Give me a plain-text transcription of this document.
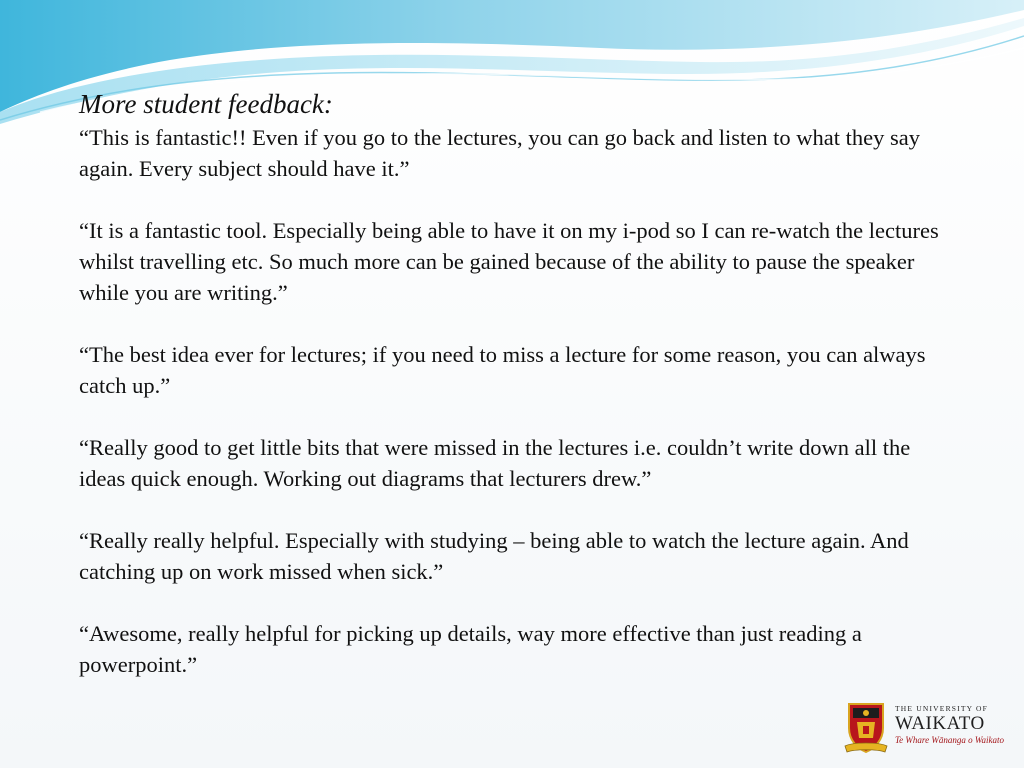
More student feedback:

“This is fantastic!! Even if you go to the lectures, you can go back and listen to what they say again. Every subject should have it.”

“It is a fantastic tool. Especially being able to have it on my i-pod so I can re-watch the lectures whilst travelling etc. So much more can be gained because of the ability to pause the speaker while you are writing.”

“The best idea ever for lectures; if you need to miss a lecture for some reason, you can always catch up.”

“Really good to get little bits that were missed in the lectures i.e. couldn’t write down all the ideas quick enough. Working out diagrams that lecturers drew.”

“Really really helpful. Especially with studying – being able to watch the lecture again. And catching up on work missed when sick.”

“Awesome, really helpful for picking up details, way more effective than just reading a powerpoint.”

THE UNIVERSITY OF
WAIKATO
Te Whare Wānanga o Waikato
